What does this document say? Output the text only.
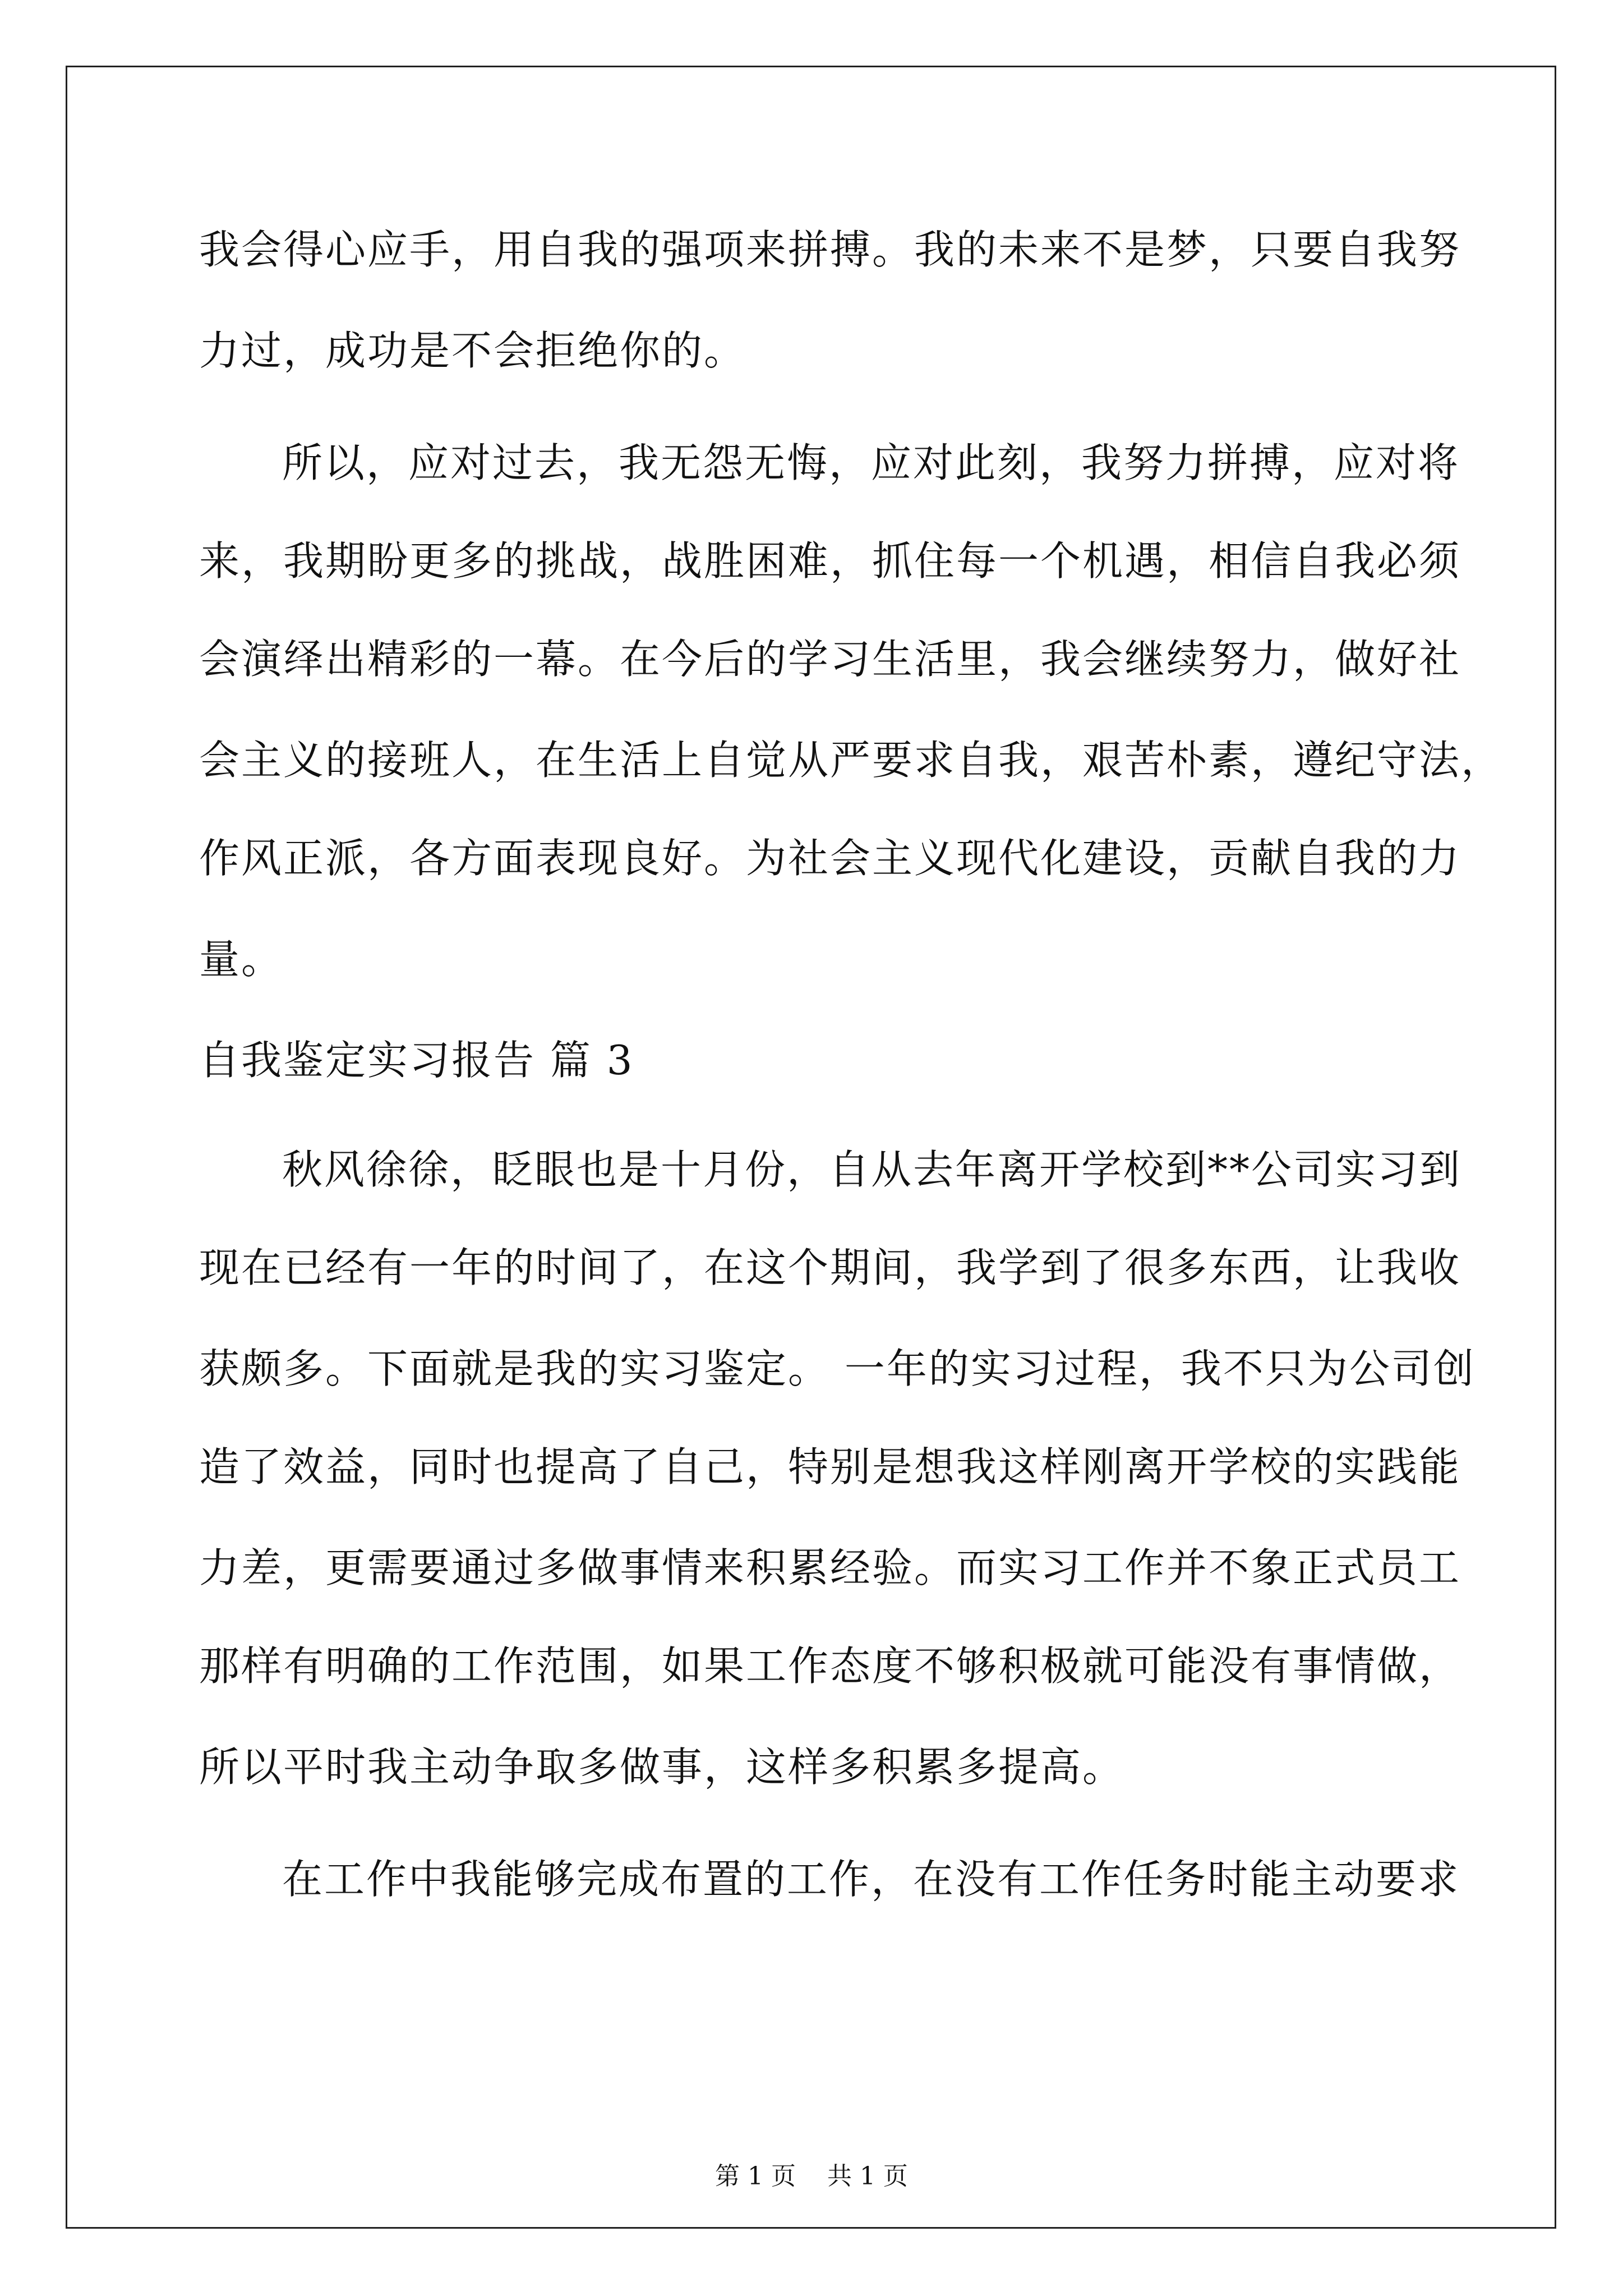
我会得心应手，用自我的强项来拼搏。我的未来不是梦，只要自我努
力过，成功是不会拒绝你的。
所以，应对过去，我无怨无悔，应对此刻，我努力拼搏，应对将
来，我期盼更多的挑战，战胜困难，抓住每一个机遇，相信自我必须
会演绎出精彩的一幕。在今后的学习生活里，我会继续努力，做好社
会主义的接班人，在生活上自觉从严要求自我，艰苦朴素，遵纪守法，
作风正派，各方面表现良好。为社会主义现代化建设，贡献自我的力
量。
自我鉴定实习报告 篇 3
秋风徐徐，眨眼也是十月份，自从去年离开学校到**公司实习到
现在已经有一年的时间了，在这个期间，我学到了很多东西，让我收
获颇多。下面就是我的实习鉴定。 一年的实习过程，我不只为公司创
造了效益，同时也提高了自己，特别是想我这样刚离开学校的实践能
力差，更需要通过多做事情来积累经验。而实习工作并不象正式员工
那样有明确的工作范围，如果工作态度不够积极就可能没有事情做，
所以平时我主动争取多做事，这样多积累多提高。
在工作中我能够完成布置的工作，在没有工作任务时能主动要求
第 1 页    共 1 页
